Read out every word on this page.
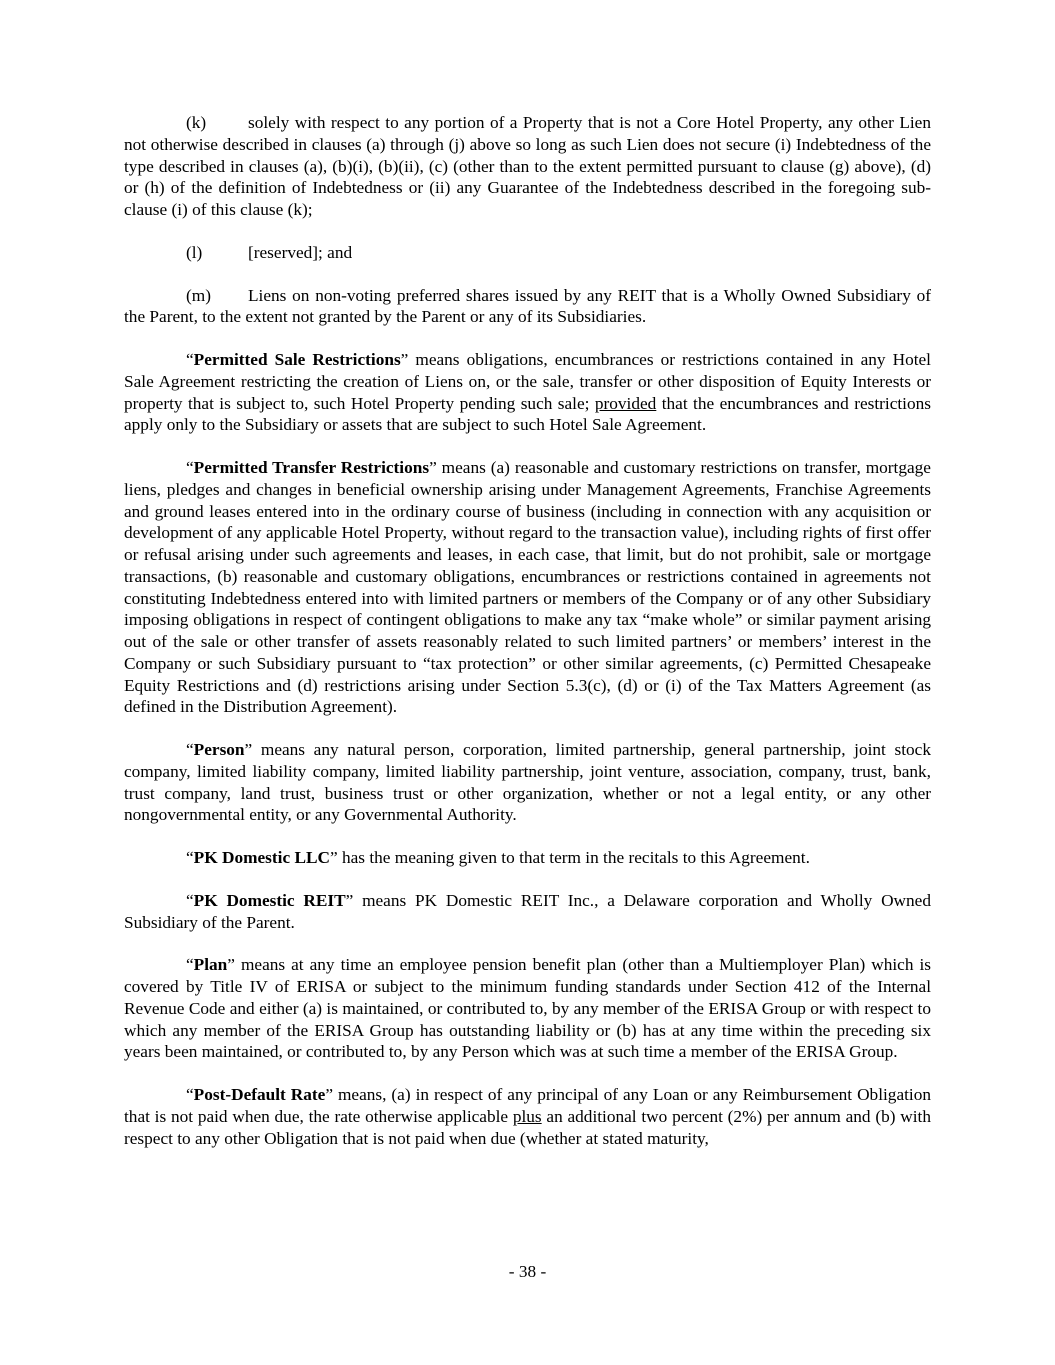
(k) solely with respect to any portion of a Property that is not a Core Hotel Property, any other Lien not otherwise described in clauses (a) through (j) above so long as such Lien does not secure (i) Indebtedness of the type described in clauses (a), (b)(i), (b)(ii), (c) (other than to the extent permitted pursuant to clause (g) above), (d) or (h) of the definition of Indebtedness or (ii) any Guarantee of the Indebtedness described in the foregoing sub-clause (i) of this clause (k);

(l)	[reserved]; and

(m) Liens on non-voting preferred shares issued by any REIT that is a Wholly Owned Subsidiary of the Parent, to the extent not granted by the Parent or any of its Subsidiaries.

“Permitted Sale Restrictions” means obligations, encumbrances or restrictions contained in any Hotel Sale Agreement restricting the creation of Liens on, or the sale, transfer or other disposition of Equity Interests or property that is subject to, such Hotel Property pending such sale; provided that the encumbrances and restrictions apply only to the Subsidiary or assets that are subject to such Hotel Sale Agreement.

“Permitted Transfer Restrictions” means (a) reasonable and customary restrictions on transfer, mortgage liens, pledges and changes in beneficial ownership arising under Management Agreements, Franchise Agreements and ground leases entered into in the ordinary course of business (including in connection with any acquisition or development of any applicable Hotel Property, without regard to the transaction value), including rights of first offer or refusal arising under such agreements and leases, in each case, that limit, but do not prohibit, sale or mortgage transactions, (b) reasonable and customary obligations, encumbrances or restrictions contained in agreements not constituting Indebtedness entered into with limited partners or members of the Company or of any other Subsidiary imposing obligations in respect of contingent obligations to make any tax “make whole” or similar payment arising out of the sale or other transfer of assets reasonably related to such limited partners’ or members’ interest in the Company or such Subsidiary pursuant to “tax protection” or other similar agreements, (c) Permitted Chesapeake Equity Restrictions and (d) restrictions arising under Section 5.3(c), (d) or (i) of the Tax Matters Agreement (as defined in the Distribution Agreement).

“Person” means any natural person, corporation, limited partnership, general partnership, joint stock company, limited liability company, limited liability partnership, joint venture, association, company, trust, bank, trust company, land trust, business trust or other organization, whether or not a legal entity, or any other nongovernmental entity, or any Governmental Authority.

“PK Domestic LLC” has the meaning given to that term in the recitals to this Agreement.

“PK Domestic REIT” means PK Domestic REIT Inc., a Delaware corporation and Wholly Owned Subsidiary of the Parent.

“Plan” means at any time an employee pension benefit plan (other than a Multiemployer Plan) which is covered by Title IV of ERISA or subject to the minimum funding standards under Section 412 of the Internal Revenue Code and either (a) is maintained, or contributed to, by any member of the ERISA Group or with respect to which any member of the ERISA Group has outstanding liability or (b) has at any time within the preceding six years been maintained, or contributed to, by any Person which was at such time a member of the ERISA Group.

“Post-Default Rate” means, (a) in respect of any principal of any Loan or any Reimbursement Obligation that is not paid when due, the rate otherwise applicable plus an additional two percent (2%) per annum and (b) with respect to any other Obligation that is not paid when due (whether at stated maturity,

- 38 -
